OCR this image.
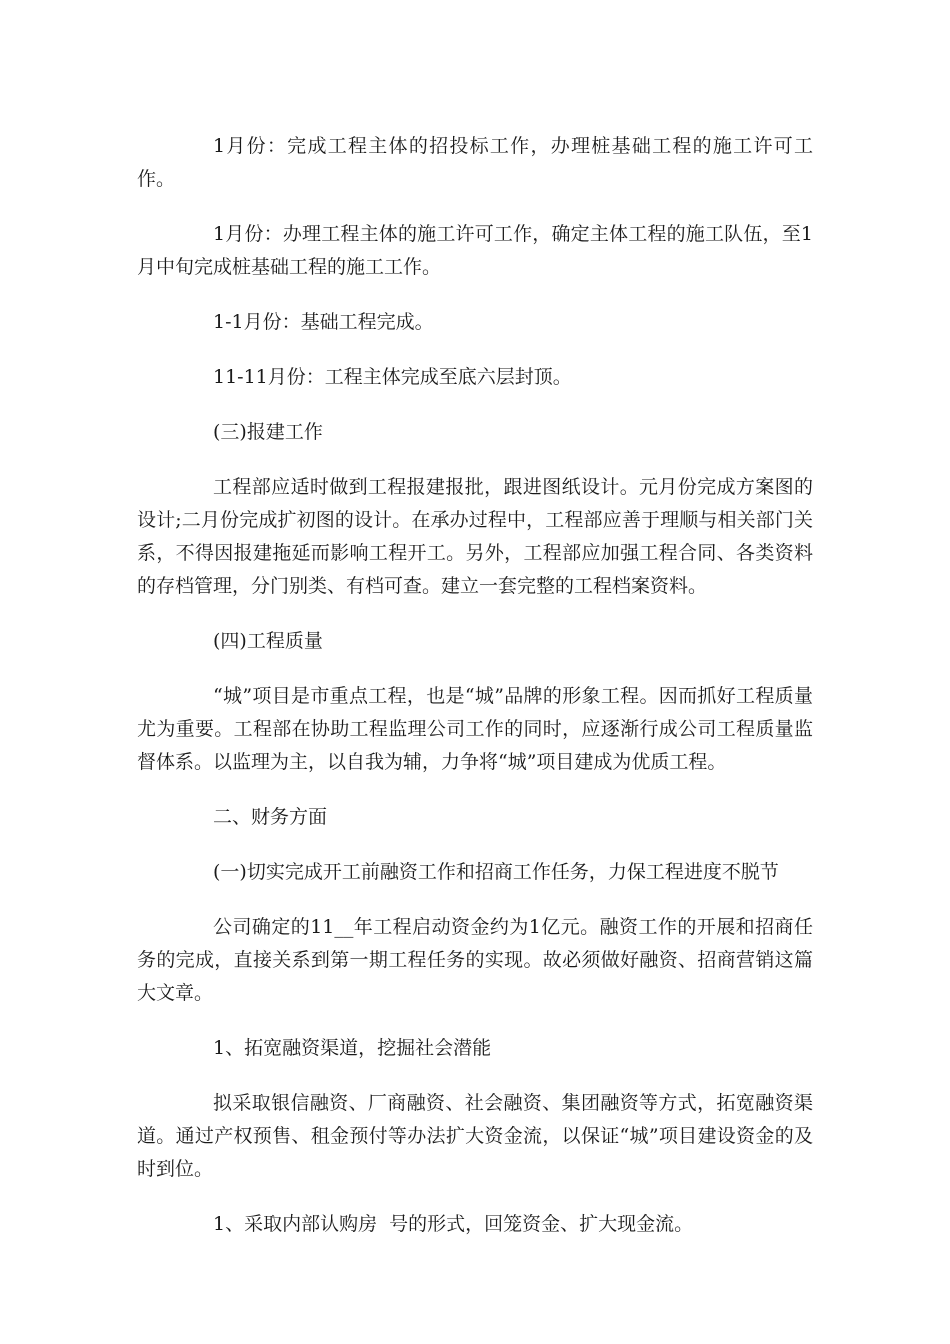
1月份：完成工程主体的招投标工作，办理桩基础工程的施工许可工作。

1月份：办理工程主体的施工许可工作，确定主体工程的施工队伍，至1月中旬完成桩基础工程的施工工作。

1-1月份：基础工程完成。

11-11月份：工程主体完成至底六层封顶。

(三)报建工作

工程部应适时做到工程报建报批，跟进图纸设计。元月份完成方案图的设计;二月份完成扩初图的设计。在承办过程中，工程部应善于理顺与相关部门关系，不得因报建拖延而影响工程开工。另外，工程部应加强工程合同、各类资料的存档管理，分门别类、有档可查。建立一套完整的工程档案资料。

(四)工程质量

“城”项目是市重点工程，也是“城”品牌的形象工程。因而抓好工程质量尤为重要。工程部在协助工程监理公司工作的同时，应逐渐行成公司工程质量监督体系。以监理为主，以自我为辅，力争将“城”项目建成为优质工程。

二、财务方面

(一)切实完成开工前融资工作和招商工作任务，力保工程进度不脱节

公司确定的11__年工程启动资金约为1亿元。融资工作的开展和招商任务的完成，直接关系到第一期工程任务的实现。故必须做好融资、招商营销这篇大文章。

1、拓宽融资渠道，挖掘社会潜能

拟采取银信融资、厂商融资、社会融资、集团融资等方式，拓宽融资渠道。通过产权预售、租金预付等办法扩大资金流，以保证“城”项目建设资金的及时到位。

1、采取内部认购房  号的形式，回笼资金、扩大现金流。
